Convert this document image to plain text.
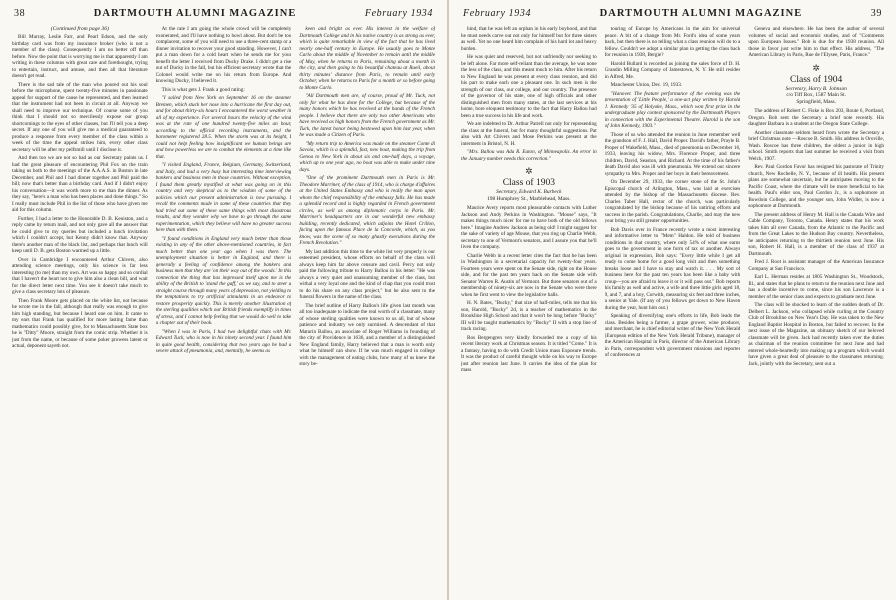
38	DARTMOUTH ALUMNI MAGAZINE	February 1934
(Continued from page 36)

Bill Murray, Leslie Farr, and Pearl Edson, and the only birthday card was from my insurance broker (who is not a member of the class). Consequently I am no better off than before. Now the point that is worrying me is that apparently I am writing in these columns with great care and forethought, trying to entertain, instruct, and amuse, and then all that literature doesn't get read.

There is the sad tale of the man who poured out his soul before the microphone, spent twenty-five minutes in passionate appeal for support of the cause he represented, and then learned that the instrument had not been in circuit at all. Anyway we shall need to improve our technique. Of course some of you think that I should not so mercilessly expose our group shortcomings to the eyes of other classes, but I'll tell you a deep secret. If any one of you will give me a medical guaranteed to produce a response from every member of the class within a week of the time the appeal strikes him, every other class secretary will be after my pelfsmill until I disclose it.

And then too we are not so bad as our Secretary paints us. I had the great pleasure of encountering Phil Fox on the train taking us both to the meetings of the A.A.A.S. in Boston in late December, and Phil and I had dinner together and Phil paid the bill; now that's better than a birthday card. And if I didn't enjoy his conversation—it was worth more to me than the dinner. As they say, "here's a man who has been places and done things." So I really must include Phil in the list of those who have given me aid for this column.

Further, I had a letter to the Honorable D. B. Keniston, and a reply came by return mail, and not only gave all the answer that he could give to my queries but included a lunch invitation which I couldn't accept, but Kenny didn't know that. Anyway there's another man of the black list, and perhaps that lunch will keep until D. B. gets Boston warmed up a little.

Over in Cambridge I encountered Arthur Chivers, also attending science meetings, only his science is far less interesting (to me) than my own. Art was so happy and so cordial that I haven't the heart not to give him also a clean bill, and wait for the direct letter next time. You see it doesn't take much to give a class secretary lots of pleasure.

Then Frank Moore gets placed on the white list, not because he wrote me in the fall, although that really was enough to give him high standing, but because I heard one on him. It came to my ears that Frank has qualified for more lasting fame than mathematics could possibly give, for to Massachusetts State box he is "Ditty" Moore, straight from the comic strip. Whether it is just from the name, or because of some poker prowess latent or actual, deponent sayeth not.

At the rate I am going the whole crowd will be completely exonerated, and I'll have nothing to howl about. But don't be too complacent, some of you will need to use a three-cent stamp or a dinner invitation to recover your good standing. However, I can't put a man down for a cold heart when he sends me for your benefit the letter I received from Ducky Drake. I didn't get a rise out of Ducky in the fall, but his efficient secretary wrote that the Colonel would write me on his return from Europe. And knowing Ducky, I believed it.

This is what gets J. Frank a good rating:

"I sailed from New York on September 16 on the steamer Bremen, which stuck her nose into a hurricane the first day out, and for about thirty-six hours I encountered the worst weather in all of my experience. For several hours the velocity of the wind was at the rate of one hundred twenty-five miles an hour, according to the official recording instruments, and the barometer registered 28.5. When the storm was at its height, I could not help feeling how insignificant we human beings are and how powerless we are to combat the elements at a time like that.

"I visited England, France, Belgium, Germany, Switzerland, and Italy, and had a very busy but interesting time interviewing bankers and business men in those countries. Without exception, I found them greatly mystified at what was going on in this country and very skeptical as to the wisdom of some of the policies which our present administration is now pursuing. I recall the comments made in some of these countries that they had tried out some of these same things with most disastrous results, and they wonder why we have to go through the same experimentation, which they believe will have no greater success here than with them.

"I found conditions in England very much better than those existing in any of the other above-mentioned countries, in fact much better than one year ago when I was there. The unemployment situation is better in England, and there is generally a feeling of confidence among the bankers and business men that they are 'on their way out of the woods.' In this connection the thing that has impressed itself upon me is the ability of the British to 'stand the gaff,' as we say, and to steer a straight course through many years of depression, not yielding to the temptations to try artificial stimulants in an endeavor to restore prosperity quickly. This is merely another illustration of the sterling qualities which our British friends exemplify in times of stress, and I cannot help feeling that we would do well to take a chapter out of their book.

"When I was in Paris, I had two delightful chats with Mr. Edward Tuck, who is now in his ninety second year. I found him in quite good health, considering that two years ago he had a severe attack of pneumonia, and, mentally, he seems as

keen and bright as ever. His interest in the welfare of Dartmouth College and in his native country is as strong as ever, which is quite remarkable in view of the fact that he has lived nearly one-half century in Europe. He usually goes to Monte Carlo about the middle of November to remain until the middle of May, when he returns to Paris, remaining about a month in the city, and then going to his beautiful chateau at Rueil, about thirty minutes' distance from Paris, to remain until early October, when he returns to Paris for a month or so before going to Monte Carlo.

"All Dartmouth men are, of course, proud of Mr. Tuck, not only for what he has done for the College, but because of the many honors which he has received at the hands of the French people. I believe that there are only two other Americans who have received as high honors from the French government as Mr. Tuck, the latest honor being bestowed upon him last year, when he was made a Citizen of Paris.

"My return trip to America was made on the steamer Conte di Savoia, which is a splendid, fast, new boat, making the trip from Genoa to New York in about six and one-half days, a voyage, which up to one year ago, no boat was able to make under nine days.

"One of the prominent Dartmouth men in Paris is Mr. Theodore Marriner, of the class of 1914, who is charge d'affaires at the United States Embassy and who is really the man upon whom the chief responsibility of the embassy falls. He has made a splendid record and is highly regarded in French government circles, as well as among diplomatic corps in Paris. Mr. Marriner's headquarters are in our wonderful new embassy building, recently dedicated, which adjoins the Hotel Crillon, facing upon the famous Place de la Concorde, which, as you know, was the scene of so many ghastly executions during the French Revolution."

My last addition this time to the white list very properly is our esteemed president, whose efforts on behalf of the class will always keep him far above censure and cavil. Percy not only paid the following tribute to Harry Ballou in his letter: "He was always a very quiet and unassuming member of the class, but withal a very loyal one and the kind of chap that you could trust to do his share on any class project," but he also sent to the funeral flowers in the name of the class.

The brief outline of Harry Ballou's life given last month was all too inadequate to indicate the real worth of a classmate, many of whose sterling qualities were known to us all, but of whose patience and industry we only surmised. A descendant of that Maturin Ballou, an associate of Roger Williams in founding of the city of Providence in 1636, and a member of a distinguished New England family, Harry believed that a man is worth only what he himself can show. If he was much engaged in college with the management of eating clubs, how many of us knew the story be-

February 1934	DARTMOUTH ALUMNI MAGAZINE	39

hind, that he was left an orphan in his early boyhood, and that he must needs carve out not only for himself but for three sisters as well. Yet no one heard him complain of his hard lot and heavy burden.

He was quiet and reserved, but not unfriendly nor seeking to be left alone. Far more self-reliant than the average, he was none the less of the class, and this meant much to him. After his return to New England he was present at every class reunion, and did his part to make each one a pleasant one. In such men is the strength of our class, our college, and our country. The presence of the governor of his state, one of high officials and other distinguished men from many states, at the last services at his home, bore eloquent testimony to the fact that Harry Ballou had been a true success in his life and work.

We are indebted to Dr. Arthur Patrell not only for representing the class at the funeral, but for many thoughtful suggestions. Pat also with Art Chivers and Mose Perkins was present at the interment in Bristol, N. H.

"Mrs. Ballou was Ada R. Eaton, of Minneapolis. An error in the January number needs this correction."

✲
Class of 1903
Secretary, Edward K. Burbeck
198 Humphrey St., Marblehead, Mass.

Maurice Avery reports most pleasurable contacts with Luther Jackson and Andy Perkins in Washington. "Mouse" says, "It makes things much nicer for me to have both of the old fellows here." Imagine Andrew Jackson as being old! I might suggest for the sake of variety of age Mouse, that you ring up Charlie Webb, secretary to one of Vermont's senators, and I assure you that he'll liven the company.

Charlie Webb in a recent letter cites the fact that he has been in Washington in a secretarial capacity for twenty-four years. Fourteen years were spent on the Senate side, right on the House side, and for the past ten years back on the Senate side with Senator Warren R. Austin of Vermont. But three senators out of a membership of ninety-six are now in the Senate who were there when he first went to view the legislative halls.

H. N. Bates, "Bucky," that size of half-miles, tells me that his son, Harold, "Bucky" 2d, is a teacher of mathematics in the Brookline High School and that it won't be long before "Bucky" III will be taught mathematics by "Bucky" II with a stop line of track racing.

Ros Bergengren very kindly forwarded me a copy of his recent literary work at Christmas season. It is titled "Come." It is a fantasy, having to do with Credit Union mass Exposure trends. It was the product of careful thought while on his way to Europe just after reunion last June. It carries the idea of the plan for mass

touring of Europe by Americans in the aim for universal peace. A bit of a change from Mr. Ford's idea of some years back, but then there is no telling what a class reunion will do to a fellow. Couldn't we adopt a similar plan in getting the class back for reunion in 1938, Bergie?

Harold Bullard is recorded as joining the sales force of D. H. Grandin Milling Company of Jamestown, N. Y. He still resides in Alfred, Me.

Manchester Union, Dec. 19, 1933.

"Hanover. The feature performance of the evening was the presentation of 'Little People,' a one-act play written by Harold J. Kennedy '35 of Holyoke, Mass., which won first prize in the undergraduate play contest sponsored by the Dartmouth Players in connection with the Experimental Theatre. Harold is the son of John Kennedy, 1903."

Those of us who attended the reunion in June remember well the grandson of F. J. Hall, David Proper. David's father, Prayle B. Proper of Wakefield, Mass., died of pneumonia on December 16, 1933, leaving his widow, Mrs. Florence Proper, and three children, David, Seaston, and Richard. At the time of his father's death David also was ill with pneumonia. We extend our sincere sympathy to Mrs. Proper and her boys in their bereavement.

On December 29, 1933, the corner stone of the St. John's Episcopal church of Arlington, Mass., was laid at exercises attended by the bishop of the Massachusetts diocese. Rev. Charles Taber Hall, rector of the church, was particularly congratulated by the bishop because of his untiring efforts and success in the parish. Congratulations, Charlie, and may the new year bring you still greater opportunities.

Bob Davis over in France recently wrote a most interesting and informative letter to "Mem" Haldon. He told of business conditions in that country, where only 54% of what one earns goes to the government in one form of tax or another. Always original in expression, Bob says: "Every little while I get all ready to come home for a good long visit and then something breaks loose and I have to stay and watch it. . . . My sort of business here for the past ten years has been like a baby with croup—you are afraid to leave it or it will pass out." Bob reports his family as well and active, a wife and three little girls aged 18, 9, and 7, and a boy, Corwith, measuring six feet and three inches, a senior at Yale. (If any of you fellows get down to New Haven during the year, hunt him out.)

Speaking of diversifying one's efforts in life, Bob leads the class. Besides being a farmer, a grape grower, wine producer, and merchant, he is chief editorial writer of the New York Herald (European edition of the New York Herald Tribune), manager of the American Hospital in Paris, director of the American Library in Paris, correspondent with government missions and reporter of conferences at

Geneva and elsewhere. He has been the author of several volumes of social and economic studies, and of "Comments upon European Issues." Bob is due for the 1938 reunion. All those in favor just write him to that effect. His address, "The American Library in Paris, Rue de l'Elysee, Paris, France."

✲
Class of 1904
Secretary, Harry B. Johnson
c/o Tiff Box, 1587 Main St.
Springfield, Mass.

The address of Robert C. Fiske is Box 203, Route 6, Portland, Oregon. Bob sent the Secretary a brief note recently. His daughter Barbara is a student at the Oregon State College.

Another classmate seldom heard from wrote the Secretary a brief Christmas note —Roscoe B. Smith. His address is Oroville, Wash. Roscoe has three children, the oldest a junior in high school. Smith reports that last summer he received a visit from Welch, 1907.

Rev. Paul Gordon Favor has resigned his pastorate of Trinity church, New Rochelle, N. Y., because of ill health. His present plans are somewhat uncertain, but he anticipates moving to the Pacific Coast, where the climate will be more beneficial to his health. Paul's elder son, Paul Gordon Jr., is a sophomore at Bowdoin College, and the younger son, John Widler, is now a sophomore at Dartmouth.

The present address of Henry M. Hall is the Canada Wire and Cable Company, Toronto, Canada. Henry states that his work takes him all over Canada, from the Atlantic to the Pacific and from the Great Lakes to the Hudson Bay country. Nevertheless, he anticipates returning to the thirtieth reunion next June. His son, Robert H. Hall, is a member of the class of 1937 at Dartmouth.

Fred J. Root is assistant manager of the American Insurance Company at San Francisco.

Earl L. Herman resides at 1805 Washington St., Woodstock, Ill., and states that he plans to return to the reunion next June and has a double incentive to come, since his son Lawrence is a member of the senior class and expects to graduate next June.

The class will be shocked to learn of the sudden death of Dr. Delbert L. Jackson, who collapsed while curling at the Country Club of Brookline on New Year's Day. He was taken to the New England Baptist Hospital in Boston, but failed to recover. In the next issue of the Magazine, an obituary sketch of our beloved classmate will be given. Jack had recently taken over the duties as chairman of the reunion committee for next June and had entered whole-heartedly into making up a program which would have given a great deal of pleasure to the classmates returning. Jack, jointly with the Secretary, sent out a
